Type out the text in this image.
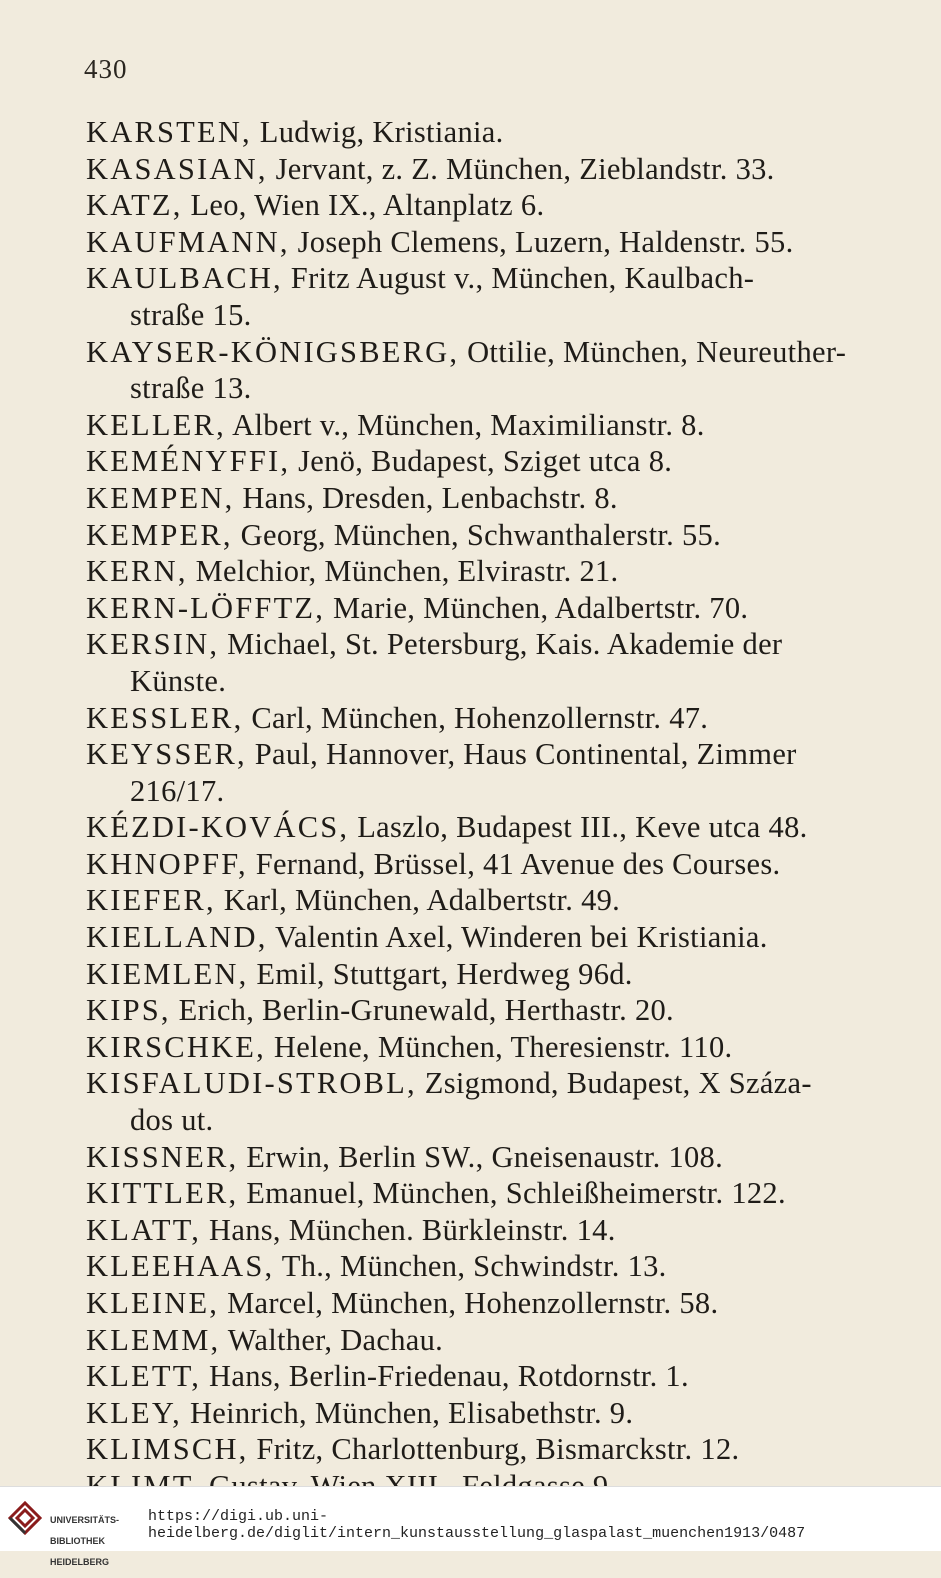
430
KARSTEN, Ludwig, Kristiania.
KASASIAN, Jervant, z. Z. München, Zieblandstr. 33.
KATZ, Leo, Wien IX., Altanplatz 6.
KAUFMANN, Joseph Clemens, Luzern, Haldenstr. 55.
KAULBACH, Fritz August v., München, Kaulbach-
straße 15.
KAYSER-KÖNIGSBERG, Ottilie, München, Neureuther-
straße 13.
KELLER, Albert v., München, Maximilianstr. 8.
KEMÉNYFFI, Jenö, Budapest, Sziget utca 8.
KEMPEN, Hans, Dresden, Lenbachstr. 8.
KEMPER, Georg, München, Schwanthalerstr. 55.
KERN, Melchior, München, Elvirastr. 21.
KERN-LÖFFTZ, Marie, München, Adalbertstr. 70.
KERSIN, Michael, St. Petersburg, Kais. Akademie der
Künste.
KESSLER, Carl, München, Hohenzollernstr. 47.
KEYSSER, Paul, Hannover, Haus Continental, Zimmer
216/17.
KÉZDI-KOVÁCS, Laszlo, Budapest III., Keve utca 48.
KHNOPFF, Fernand, Brüssel, 41 Avenue des Courses.
KIEFER, Karl, München, Adalbertstr. 49.
KIELLAND, Valentin Axel, Winderen bei Kristiania.
KIEMLEN, Emil, Stuttgart, Herdweg 96d.
KIPS, Erich, Berlin-Grunewald, Herthastr. 20.
KIRSCHKE, Helene, München, Theresienstr. 110.
KISFALUDI-STROBL, Zsigmond, Budapest, X Száza-
dos ut.
KISSNER, Erwin, Berlin SW., Gneisenaustr. 108.
KITTLER, Emanuel, München, Schleißheimerstr. 122.
KLATT, Hans, München. Bürkleinstr. 14.
KLEEHAAS, Th., München, Schwindstr. 13.
KLEINE, Marcel, München, Hohenzollernstr. 58.
KLEMM, Walther, Dachau.
KLETT, Hans, Berlin-Friedenau, Rotdornstr. 1.
KLEY, Heinrich, München, Elisabethstr. 9.
KLIMSCH, Fritz, Charlottenburg, Bismarckstr. 12.

UNIVERSITÄTS-

BIBLIOTHEK

HEIDELBERG

https://digi.ub.uni-heidelberg.de/diglit/intern_kunstausstellung_glaspalast_muenchen1913/0487
